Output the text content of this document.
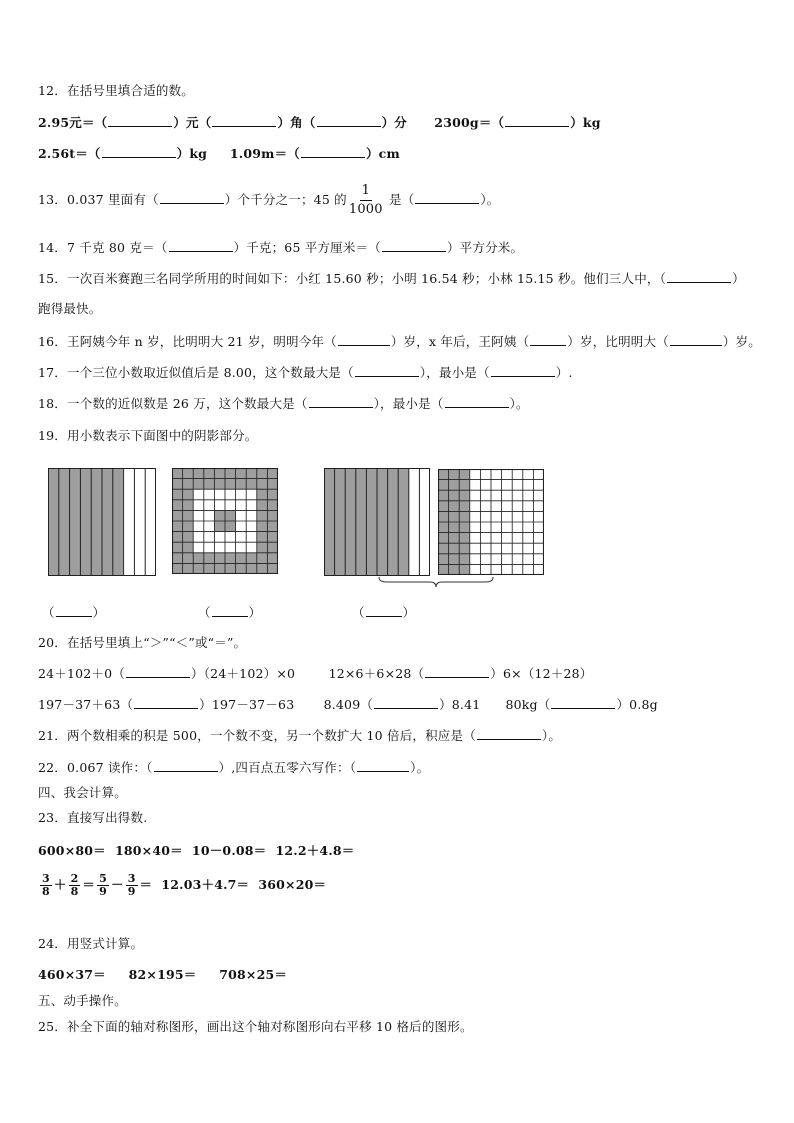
12．在括号里填合适的数。
2.95元＝（	）元（	）角（	）分 2300g＝（	）kg
2.56t＝（	）kg 1.09m＝（	）cm
13．0.037 里面有（	）个千分之一；45 的 $\frac{1}{1000}$ 是（	）。
14．7 千克 80 克＝（	）千克；65 平方厘米＝（	）平方分米。
15．一次百米赛跑三名同学所用的时间如下：小红 15.60 秒；小明 16.54 秒；小林 15.15 秒。他们三人中，（	）
跑得最快。
16．王阿姨今年 n 岁，比明明大 21 岁，明明今年（	）岁，x 年后，王阿姨（	）岁，比明明大（	）岁。
17．一个三位小数取近似值后是 8.00，这个数最大是（	），最小是（	）.
18．一个数的近似数是 26 万，这个数最大是（	），最小是（	）。
19．用小数表示下面图中的阴影部分。
（	）	（	）	（	）
20．在括号里填上“＞”“＜”或“＝”。
24＋102＋0（	）（24＋102）×0	12×6＋6×28（	）6×（12＋28）
197－37＋63（	）197－37－63 8.409（	）8.41 80kg（	）0.8g
21．两个数相乘的积是 500，一个数不变，另一个数扩大 10 倍后，积应是（	）。
22．0.067 读作：（	）,四百点五零六写作：（	）。
四、我会计算。
23．直接写出得数.
600×80＝  180×40＝  10－0.08＝  12.2＋4.8＝
$\frac{3}{8} + \frac{2}{8} = \frac{5}{9} - \frac{3}{9} = 12.03+4.7= 360\times 20=$
24．用竖式计算。
460×37＝     82×195＝     708×25＝
五、动手操作。
25．补全下面的轴对称图形，画出这个轴对称图形向右平移 10 格后的图形。
